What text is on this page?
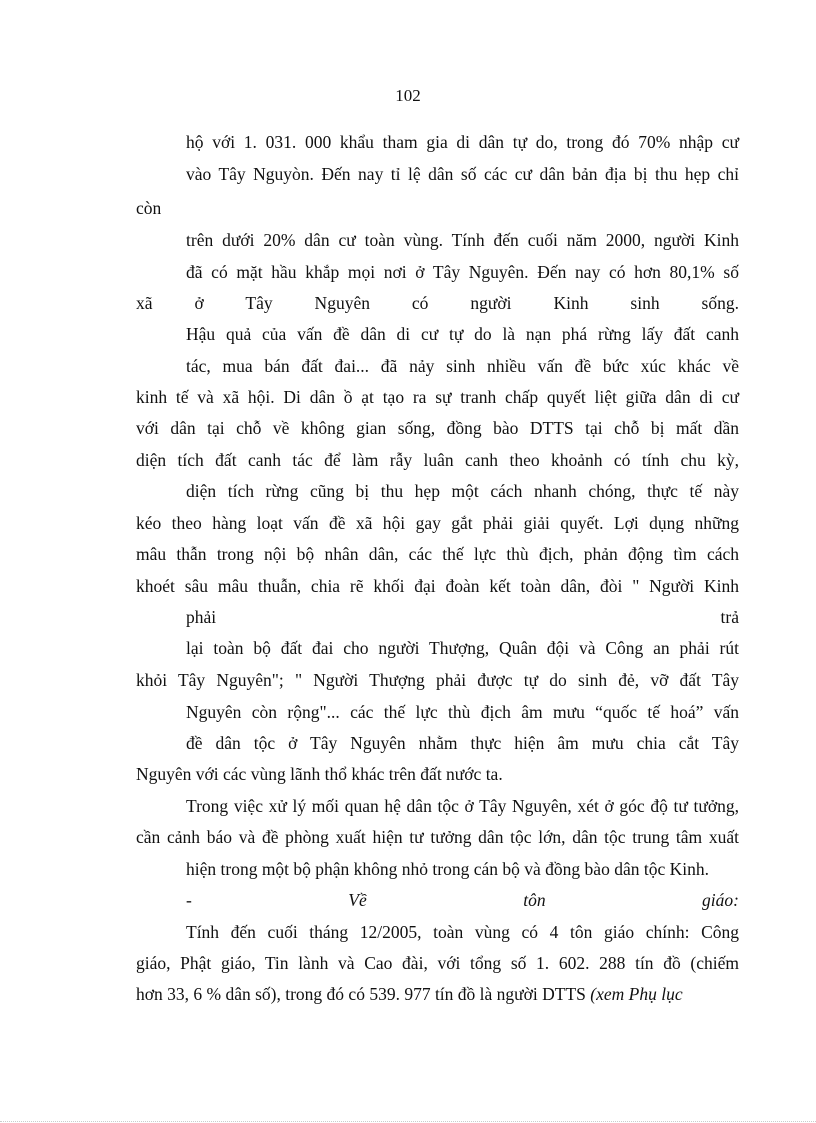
102
hộ với 1. 031. 000 khẩu tham gia di dân tự do, trong đó 70% nhập cư
vào Tây Nguyòn. Đến nay tỉ lệ dân số các cư dân bản địa bị thu hẹp chỉ
còn
trên dưới 20% dân cư toàn vùng. Tính đến cuối năm 2000, người Kinh
đã có mặt hầu khắp mọi nơi ở Tây Nguyên. Đến nay có hơn 80,1% số
xã ở Tây Nguyên có người Kinh sinh sống.
Hậu quả của vấn đề dân di cư tự do là nạn phá rừng lấy đất canh
tác, mua bán đất đai... đã nảy sinh nhiều vấn đề bức xúc khác về
kinh tế và xã hội. Di dân ồ ạt tạo ra sự tranh chấp quyết liệt giữa dân di cư
với dân tại chỗ về không gian sống, đồng bào DTTS tại chỗ bị mất dần
diện tích đất canh tác để làm rẫy luân canh theo khoảnh có tính chu kỳ,
diện tích rừng cũng bị thu hẹp một cách nhanh chóng, thực tế này
kéo theo hàng loạt vấn đề xã hội gay gắt phải giải quyết. Lợi dụng những
mâu thẫn trong nội bộ nhân dân, các thế lực thù địch, phản động tìm cách
khoét sâu mâu thuẫn, chia rẽ khối đại đoàn kết toàn dân, đòi " Người Kinh
phải trả
lại toàn bộ đất đai cho người Thượng, Quân đội và Công an phải rút
khỏi Tây Nguyên"; " Người Thượng phải được tự do sinh đẻ, vỡ đất Tây
Nguyên còn rộng"... các thế lực thù địch âm mưu “quốc tế hoá” vấn
đề dân tộc ở Tây Nguyên nhằm thực hiện âm mưu chia cắt Tây
Nguyên với các vùng lãnh thổ khác trên đất nước ta.
Trong việc xử lý mối quan hệ dân tộc ở Tây Nguyên, xét ở góc độ tư tưởng,
cần cảnh báo và đề phòng xuất hiện tư tưởng dân tộc lớn, dân tộc trung tâm xuất
hiện trong một bộ phận không nhỏ trong cán bộ và đồng bào dân tộc Kinh.
- Về tôn giáo:
Tính đến cuối tháng 12/2005, toàn vùng có 4 tôn giáo chính: Công
giáo, Phật giáo, Tin lành và Cao đài, với tổng số 1. 602. 288 tín đồ (chiếm
hơn 33, 6 % dân số), trong đó có 539. 977 tín đồ là người DTTS (xem Phụ lục
